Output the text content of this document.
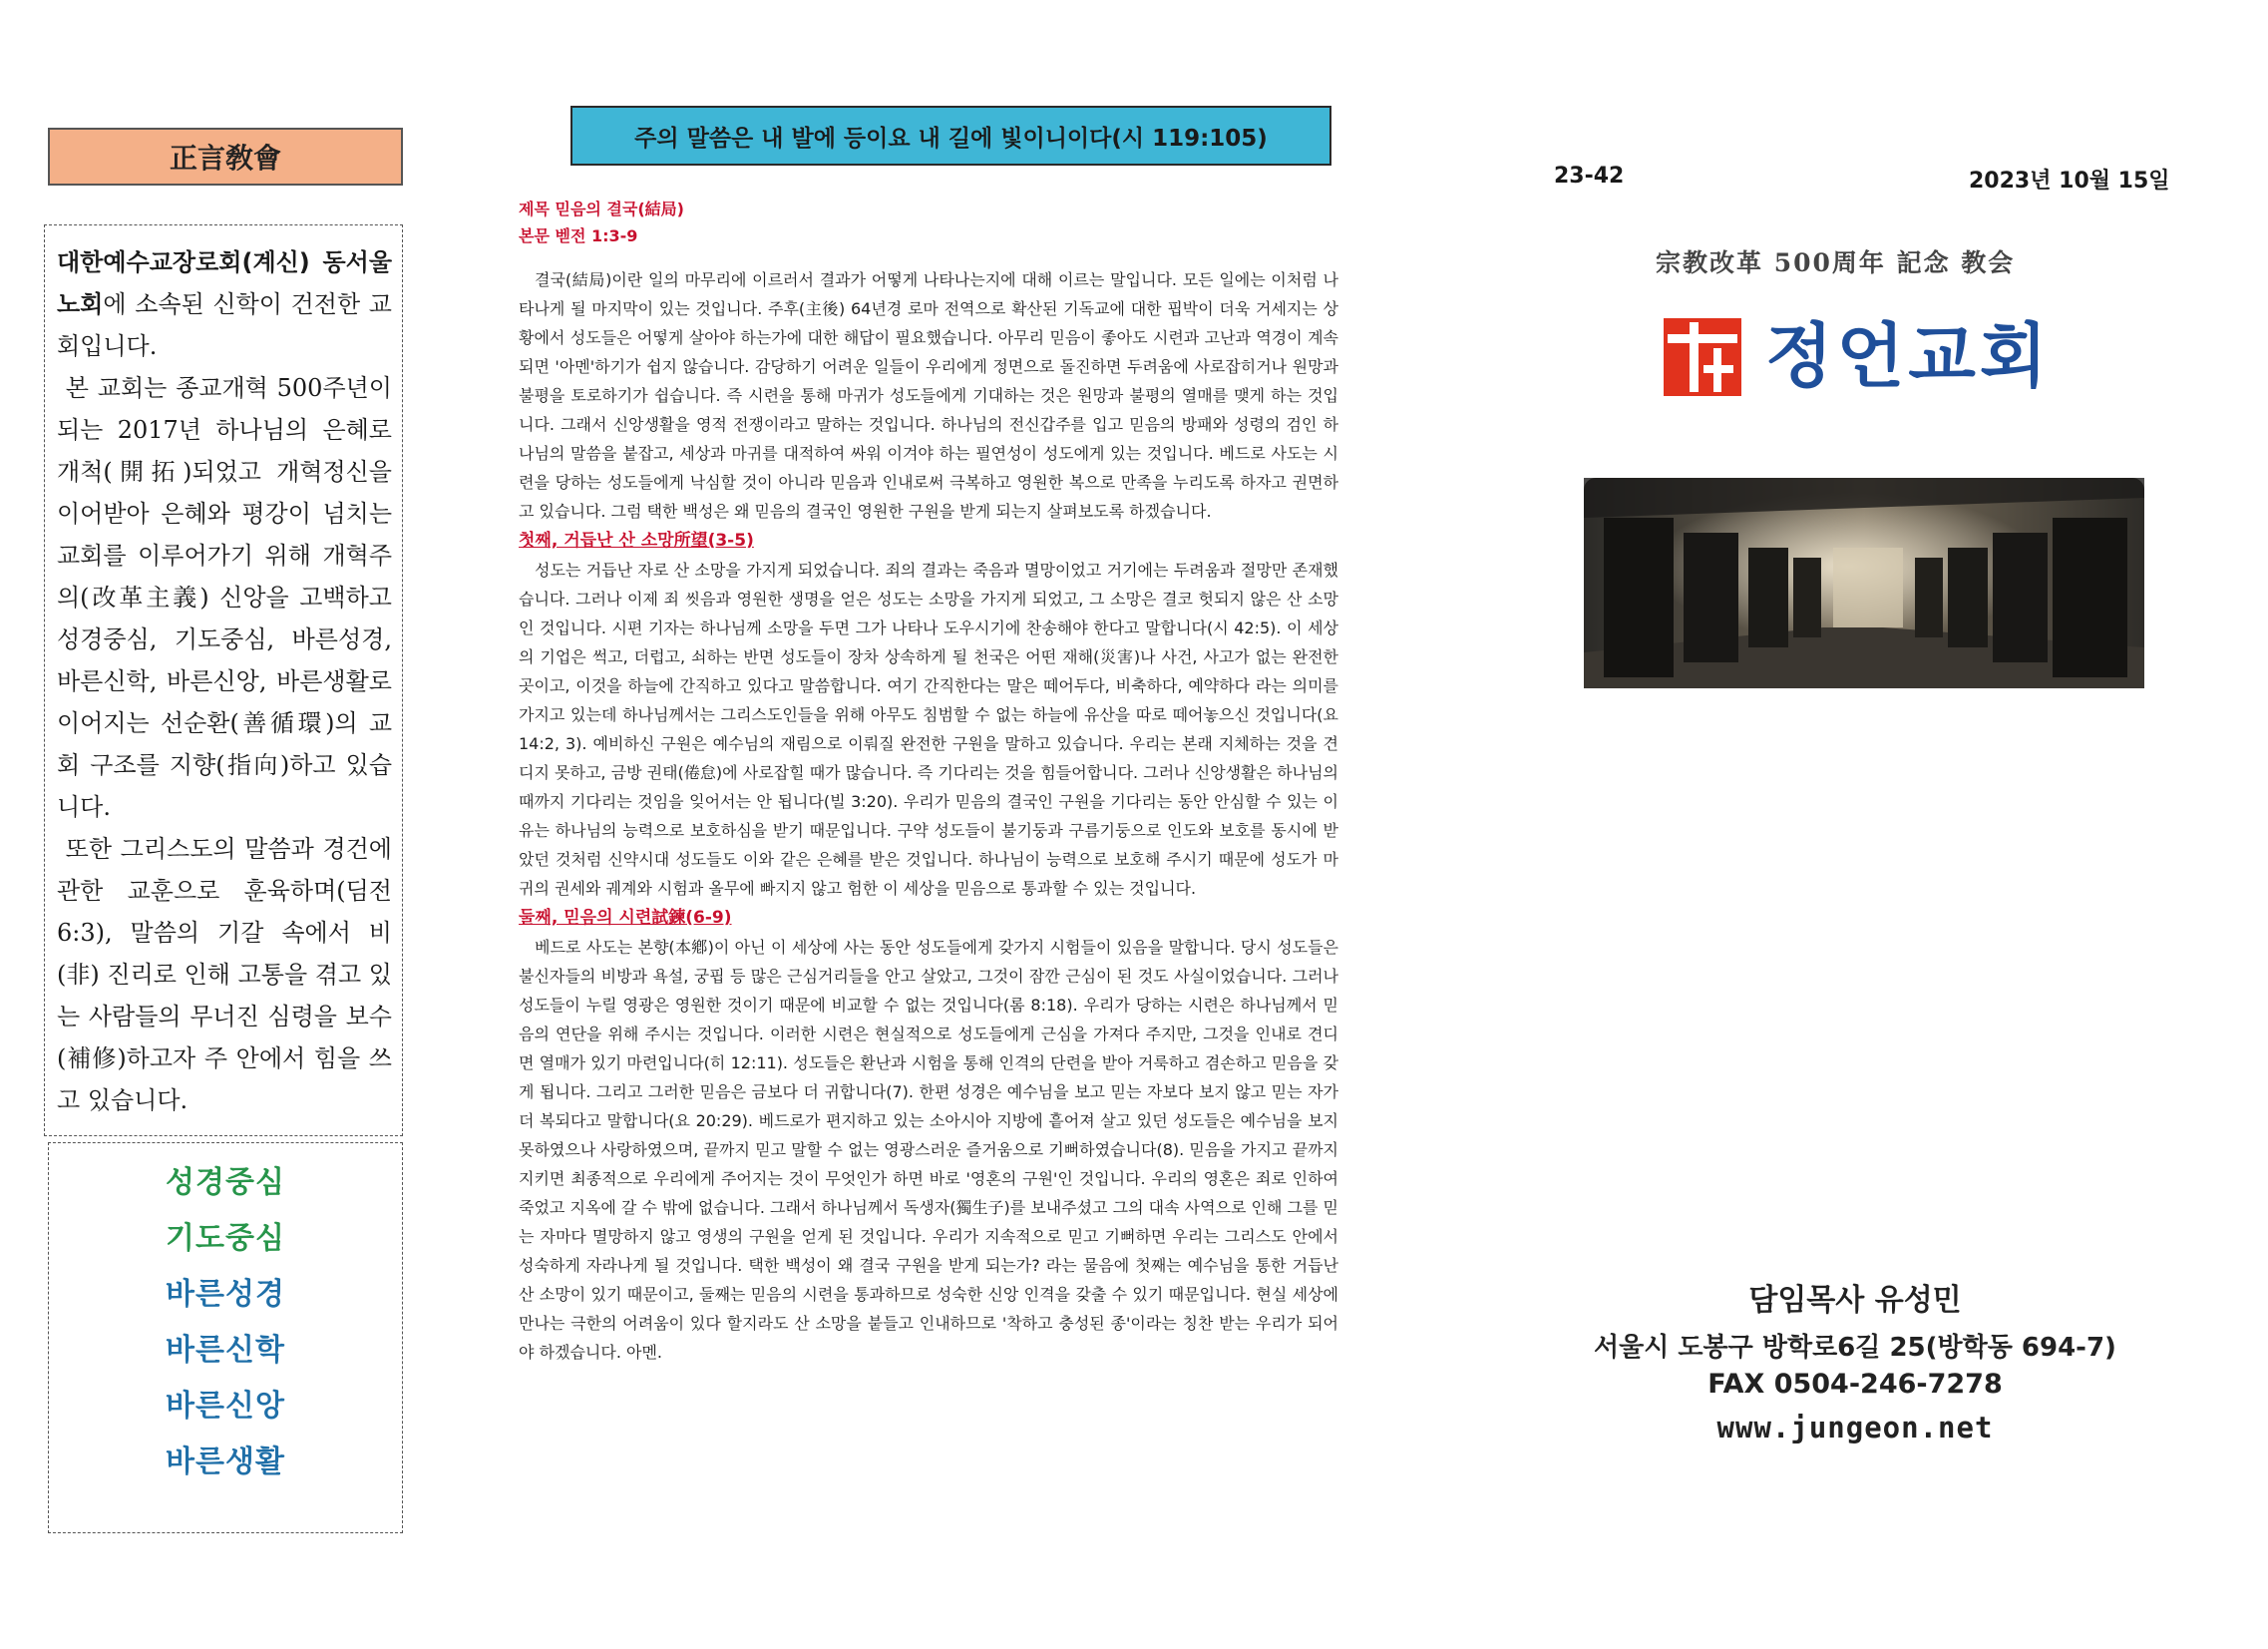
正言敎會

대한예수교장로회(계신) 동서울 노회에 소속된 신학이 건전한 교회입니다.

본 교회는 종교개혁 500주년이 되는 2017년 하나님의 은혜로 개척(開拓)되었고 개혁정신을 이어받아 은혜와 평강이 넘치는 교회를 이루어가기 위해 개혁주의(改革主義) 신앙을 고백하고 성경중심, 기도중심, 바른성경, 바른신학, 바른신앙, 바른생활로 이어지는 선순환(善循環)의 교회 구조를 지향(指向)하고 있습니다.

또한 그리스도의 말씀과 경건에 관한 교훈으로 훈육하며(딤전 6:3), 말씀의 기갈 속에서 비(非) 진리로 인해 고통을 겪고 있는 사람들의 무너진 심령을 보수(補修)하고자 주 안에서 힘을 쓰고 있습니다.

성경중심
기도중심
바른성경
바른신학
바른신앙
바른생활
주의 말씀은 내 발에 등이요 내 길에 빛이니이다(시 119:105)
제목 믿음의 결국(結局)
본문 벧전 1:3-9

결국(結局)이란 일의 마무리에 이르러서 결과가 어떻게 나타나는지에 대해 이르는 말입니다. 모든 일에는 이처럼 나타나게 될 마지막이 있는 것입니다. 주후(主後) 64년경 로마 전역으로 확산된 기독교에 대한 핍박이 더욱 거세지는 상황에서 성도들은 어떻게 살아야 하는가에 대한 해답이 필요했습니다. 아무리 믿음이 좋아도 시련과 고난과 역경이 계속되면 '아멘'하기가 쉽지 않습니다. 감당하기 어려운 일들이 우리에게 정면으로 돌진하면 두려움에 사로잡히거나 원망과 불평을 토로하기가 쉽습니다. 즉 시련을 통해 마귀가 성도들에게 기대하는 것은 원망과 불평의 열매를 맺게 하는 것입니다. 그래서 신앙생활을 영적 전쟁이라고 말하는 것입니다. 하나님의 전신갑주를 입고 믿음의 방패와 성령의 검인 하나님의 말씀을 붙잡고, 세상과 마귀를 대적하여 싸워 이겨야 하는 필연성이 성도에게 있는 것입니다. 베드로 사도는 시련을 당하는 성도들에게 낙심할 것이 아니라 믿음과 인내로써 극복하고 영원한 복으로 만족을 누리도록 하자고 권면하고 있습니다. 그럼 택한 백성은 왜 믿음의 결국인 영원한 구원을 받게 되는지 살펴보도록 하겠습니다.

첫째, 거듭난 산 소망所望(3-5)

성도는 거듭난 자로 산 소망을 가지게 되었습니다. 죄의 결과는 죽음과 멸망이었고 거기에는 두려움과 절망만 존재했습니다. 그러나 이제 죄 씻음과 영원한 생명을 얻은 성도는 소망을 가지게 되었고, 그 소망은 결코 헛되지 않은 산 소망인 것입니다. 시편 기자는 하나님께 소망을 두면 그가 나타나 도우시기에 찬송해야 한다고 말합니다(시 42:5). 이 세상의 기업은 썩고, 더럽고, 쇠하는 반면 성도들이 장차 상속하게 될 천국은 어떤 재해(災害)나 사건, 사고가 없는 완전한 곳이고, 이것을 하늘에 간직하고 있다고 말씀합니다. 여기 간직한다는 말은 떼어두다, 비축하다, 예약하다 라는 의미를 가지고 있는데 하나님께서는 그리스도인들을 위해 아무도 침범할 수 없는 하늘에 유산을 따로 떼어놓으신 것입니다(요 14:2, 3). 예비하신 구원은 예수님의 재림으로 이뤄질 완전한 구원을 말하고 있습니다. 우리는 본래 지체하는 것을 견디지 못하고, 금방 권태(倦怠)에 사로잡힐 때가 많습니다. 즉 기다리는 것을 힘들어합니다. 그러나 신앙생활은 하나님의 때까지 기다리는 것임을 잊어서는 안 됩니다(빌 3:20). 우리가 믿음의 결국인 구원을 기다리는 동안 안심할 수 있는 이유는 하나님의 능력으로 보호하심을 받기 때문입니다. 구약 성도들이 불기둥과 구름기둥으로 인도와 보호를 동시에 받았던 것처럼 신약시대 성도들도 이와 같은 은혜를 받은 것입니다. 하나님이 능력으로 보호해 주시기 때문에 성도가 마귀의 권세와 궤계와 시험과 올무에 빠지지 않고 험한 이 세상을 믿음으로 통과할 수 있는 것입니다.

둘째, 믿음의 시련試鍊(6-9)

베드로 사도는 본향(本鄕)이 아닌 이 세상에 사는 동안 성도들에게 갖가지 시험들이 있음을 말합니다. 당시 성도들은 불신자들의 비방과 욕설, 궁핍 등 많은 근심거리들을 안고 살았고, 그것이 잠깐 근심이 된 것도 사실이었습니다. 그러나 성도들이 누릴 영광은 영원한 것이기 때문에 비교할 수 없는 것입니다(롬 8:18). 우리가 당하는 시련은 하나님께서 믿음의 연단을 위해 주시는 것입니다. 이러한 시련은 현실적으로 성도들에게 근심을 가져다 주지만, 그것을 인내로 견디면 열매가 있기 마련입니다(히 12:11). 성도들은 환난과 시험을 통해 인격의 단련을 받아 거룩하고 겸손하고 믿음을 갖게 됩니다. 그리고 그러한 믿음은 금보다 더 귀합니다(7). 한편 성경은 예수님을 보고 믿는 자보다 보지 않고 믿는 자가 더 복되다고 말합니다(요 20:29). 베드로가 편지하고 있는 소아시아 지방에 흩어져 살고 있던 성도들은 예수님을 보지 못하였으나 사랑하였으며, 끝까지 믿고 말할 수 없는 영광스러운 즐거움으로 기뻐하였습니다(8). 믿음을 가지고 끝까지 지키면 최종적으로 우리에게 주어지는 것이 무엇인가 하면 바로 '영혼의 구원'인 것입니다. 우리의 영혼은 죄로 인하여 죽었고 지옥에 갈 수 밖에 없습니다. 그래서 하나님께서 독생자(獨生子)를 보내주셨고 그의 대속 사역으로 인해 그를 믿는 자마다 멸망하지 않고 영생의 구원을 얻게 된 것입니다. 우리가 지속적으로 믿고 기뻐하면 우리는 그리스도 안에서 성숙하게 자라나게 될 것입니다. 택한 백성이 왜 결국 구원을 받게 되는가? 라는 물음에 첫째는 예수님을 통한 거듭난 산 소망이 있기 때문이고, 둘째는 믿음의 시련을 통과하므로 성숙한 신앙 인격을 갖출 수 있기 때문입니다. 현실 세상에 만나는 극한의 어려움이 있다 할지라도 산 소망을 붙들고 인내하므로 '착하고 충성된 종'이라는 칭찬 받는 우리가 되어야 하겠습니다. 아멘.

23-42	2023년 10월 15일
宗教改革 500周年 記念 教会
정언교회
담임목사 유성민
서울시 도봉구 방학로6길 25(방학동 694-7)
FAX 0504-246-7278
www.jungeon.net
